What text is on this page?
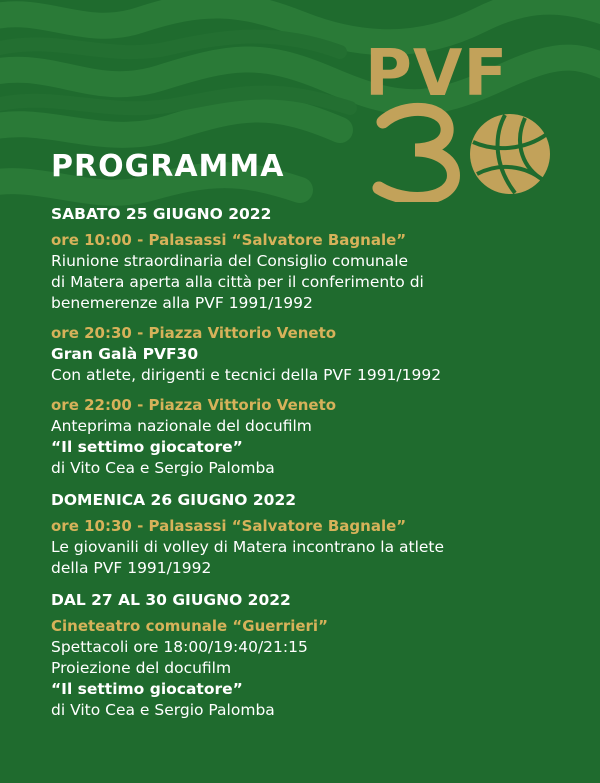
PVF
PROGRAMMA
SABATO 25 GIUGNO 2022
ore 10:00 - Palasassi “Salvatore Bagnale”
Riunione straordinaria del Consiglio comunale
di Matera aperta alla città per il conferimento di
benemerenze alla PVF 1991/1992
ore 20:30 - Piazza Vittorio Veneto
Gran Galà PVF30
Con atlete, dirigenti e tecnici della PVF 1991/1992
ore 22:00 - Piazza Vittorio Veneto
Anteprima nazionale del docufilm
“Il settimo giocatore”
di Vito Cea e Sergio Palomba
DOMENICA 26 GIUGNO 2022
ore 10:30 - Palasassi “Salvatore Bagnale”
Le giovanili di volley di Matera incontrano la atlete
della PVF 1991/1992
DAL 27 AL 30 GIUGNO 2022
Cineteatro comunale “Guerrieri”
Spettacoli ore 18:00/19:40/21:15
Proiezione del docufilm
“Il settimo giocatore”
di Vito Cea e Sergio Palomba
